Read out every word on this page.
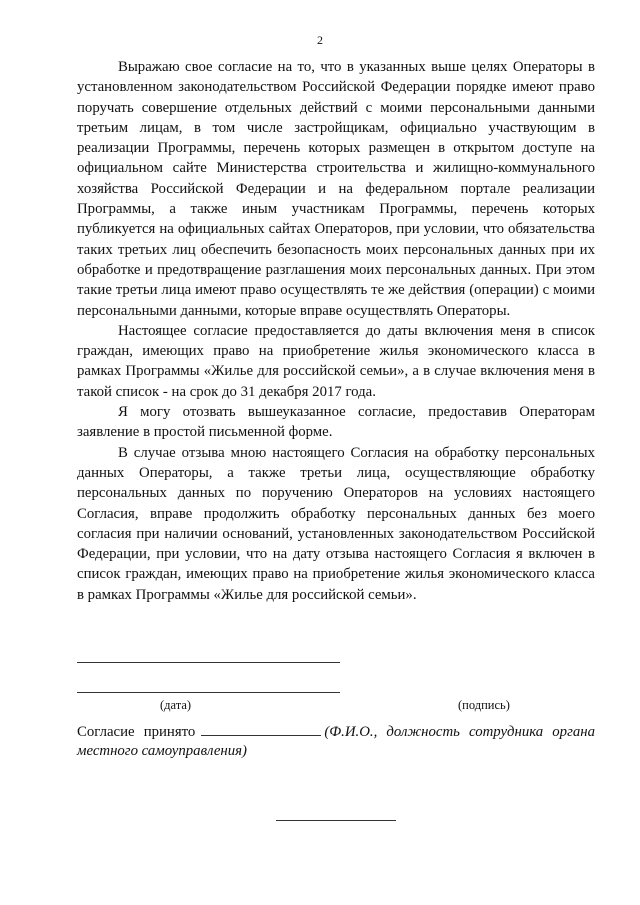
2

Выражаю свое согласие на то, что в указанных выше целях Операторы в установленном законодательством Российской Федерации порядке имеют право поручать совершение отдельных действий с моими персональными данными третьим лицам, в том числе застройщикам, официально участвующим в реализации Программы, перечень которых размещен в открытом доступе на официальном сайте Министерства строительства и жилищно-коммунального хозяйства Российской Федерации и на федеральном портале реализации Программы, а также иным участникам Программы, перечень которых публикуется на официальных сайтах Операторов, при условии, что обязательства таких третьих лиц обеспечить безопасность моих персональных данных при их обработке и предотвращение разглашения моих персональных данных. При этом такие третьи лица имеют право осуществлять те же действия (операции) с моими персональными данными, которые вправе осуществлять Операторы.

Настоящее согласие предоставляется до даты включения меня в список граждан, имеющих право на приобретение жилья экономического класса в рамках Программы «Жилье для российской семьи», а в случае включения меня в такой список - на срок до 31 декабря 2017 года.

Я могу отозвать вышеуказанное согласие, предоставив Операторам заявление в простой письменной форме.

В случае отзыва мною настоящего Согласия на обработку персональных данных Операторы, а также третьи лица, осуществляющие обработку персональных данных по поручению Операторов на условиях настоящего Согласия, вправе продолжить обработку персональных данных без моего согласия при наличии оснований, установленных законодательством Российской Федерации, при условии, что на дату отзыва настоящего Согласия я включен в список граждан, имеющих право на приобретение жилья экономического класса в рамках Программы «Жилье для российской семьи».

(дата)	(подпись)
Согласие принято	(Ф.И.О., должность сотрудника органа местного самоуправления)
